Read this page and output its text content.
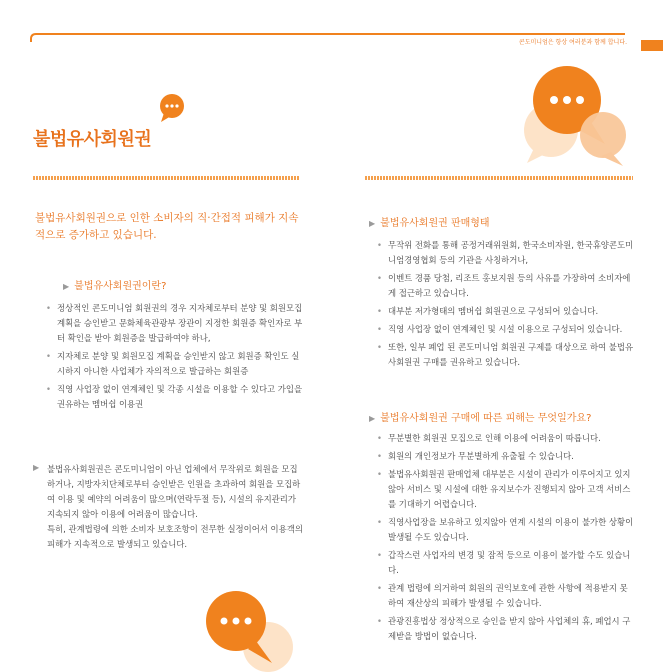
콘도미니엄은 항상 여러분과 함께 합니다.
불법유사회원권
불법유사회원권으로 인한 소비자의 직·간접적 피해가 지속적으로 증가하고 있습니다.
▶ 불법유사회원권이란?
• 정상적인 콘도미니엄 회원권의 경우 지자체로부터 분양 및 회원모집 계획을 승인받고 문화체육관광부 장관이 지정한 회원증 확인자로 부터 확인을 받아 회원증을 발급하여야 하나,
• 지자체로 분양 및 회원모집 계획을 승인받지 않고 회원증 확인도 실시하지 아니한 사업체가 자의적으로 발급하는 회원증
• 직영 사업장 없이 연계체인 및 각종 시설을 이용할 수 있다고 가입을 권유하는 멤버쉽 이용권
▶ 불법유사회원권은 콘도미니엄이 아닌 업체에서 무작위로 회원을 모집하거나, 지방자치단체로부터 승인받은 인원을 초과하여 회원을 모집하여 이용 및 예약의 어려움이 많으며(연락두절 등), 시설의 유지관리가 지속되지 않아 이용에 어려움이 많습니다.
특히, 관계법령에 의한 소비자 보호조항이 전무한 실정이어서 이용객의 피해가 지속적으로 발생되고 있습니다.
▶ 불법유사회원권 판매형태
• 무작위 전화를 통해 공정거래위원회, 한국소비자원, 한국휴양콘도미니엄경영협회 등의 기관을 사칭하거나,
• 이벤트 경품 당첨, 리조트 홍보지원 등의 사유를 가장하여 소비자에게 접근하고 있습니다.
• 대부분 저가형태의 멤버쉽 회원권으로 구성되어 있습니다.
• 직영 사업장 없이 연계체인 및 시설 이용으로 구성되어 있습니다.
• 또한, 일부 폐업 된 콘도미니엄 회원권 구제를 대상으로 하여 불법유사회원권 구매를 권유하고 있습니다.
▶ 불법유사회원권 구매에 따른 피해는 무엇일가요?
• 무분별한 회원권 모집으로 인해 이용에 어려움이 따릅니다.
• 회원의 개인정보가 무분별하게 유출될 수 있습니다.
• 불법유사회원권 판매업체 대부분은 시설이 관리가 이루어지고 있지 않아 서비스 및 시설에 대한 유지보수가 진행되지 않아 고객 서비스를 기대하기 어렵습니다.
• 직영사업장을 보유하고 있지않아 연계 시설의 이용이 불가한 상황이 발생될 수도 있습니다.
• 갑작스런 사업자의 변경 및 잠적 등으로 이용이 불가할 수도 있습니다.
• 관계 법령에 의거하여 회원의 권익보호에 관한 사항에 적용받지 못하여 재산상의 피해가 발생될 수 있습니다.
• 관광진흥법상 정상적으로 승인을 받지 않아 사업체의 휴, 폐업시 구제받을 방법이 없습니다.
